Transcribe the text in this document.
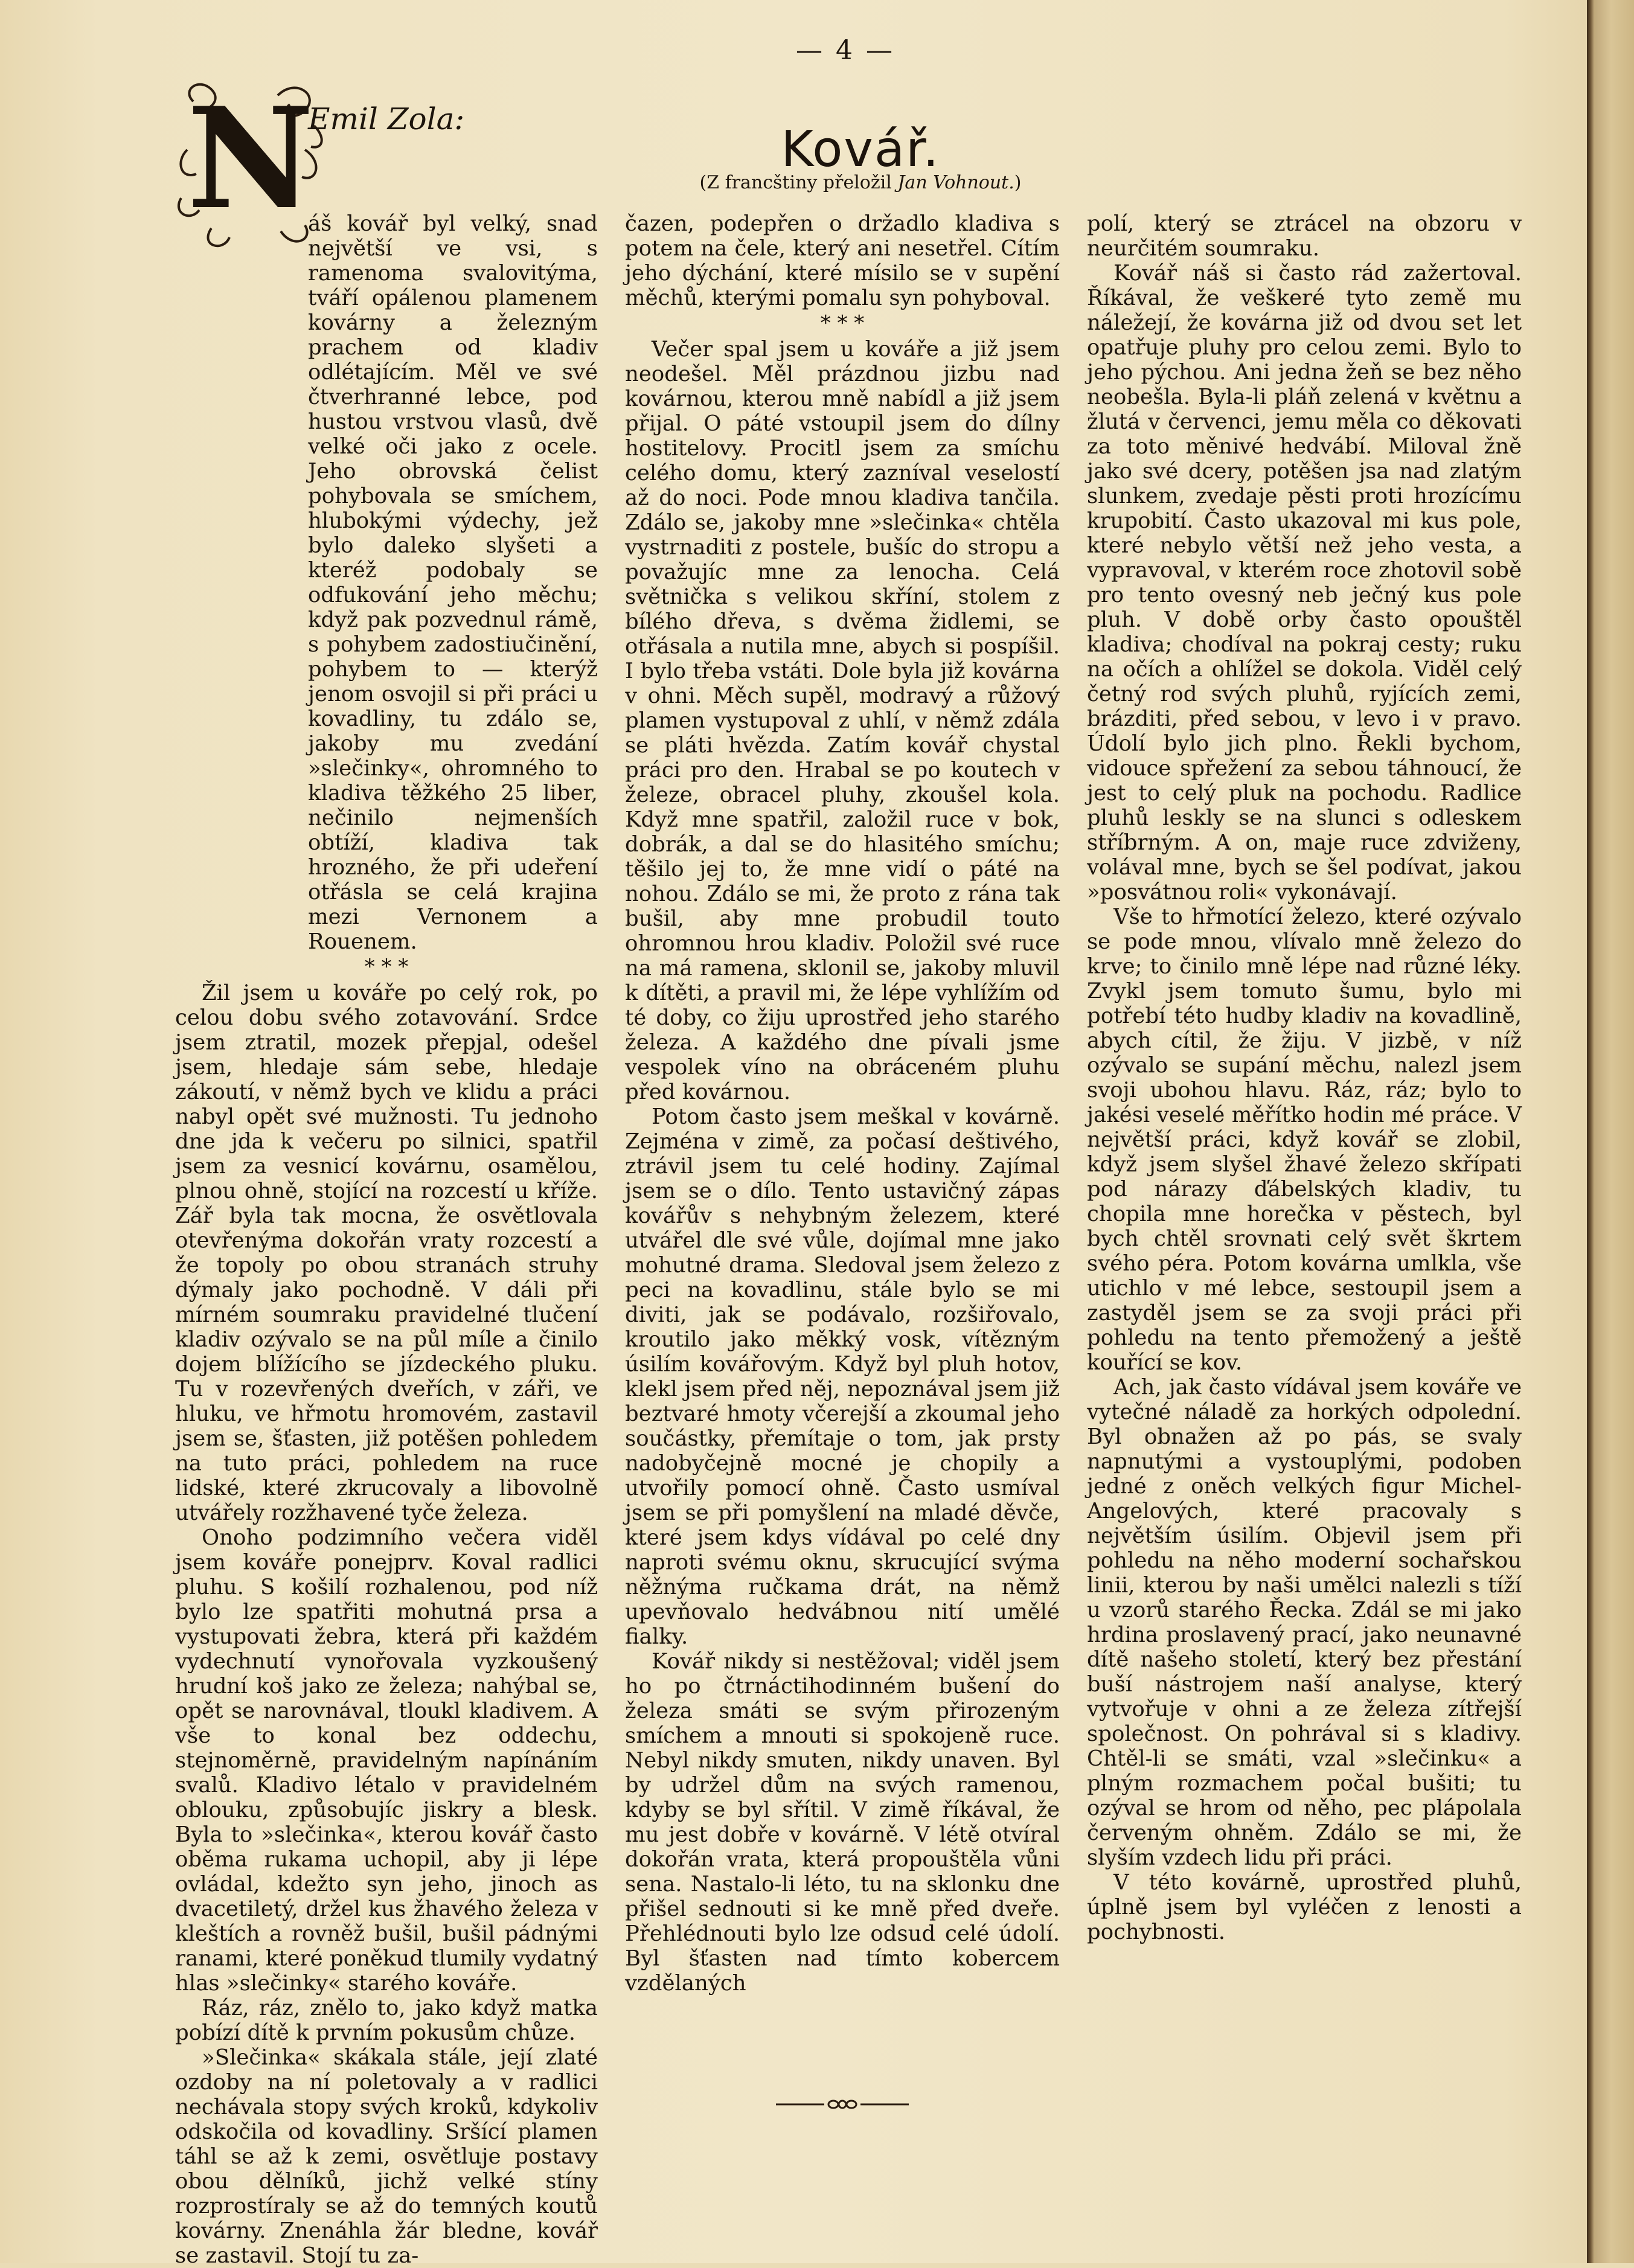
— 4 —
N
Emil Zola:
Kovář.
(Z francštiny přeložil Jan Vohnout.)

áš kovář byl velký, snad největší ve vsi, s ramenoma svalovitýma, tváří opálenou plamenem kovárny a železným prachem od kladiv odlétajícím. Měl ve své čtverhranné lebce, pod hustou vrstvou vlasů, dvě velké oči jako z ocele. Jeho obrovská čelist pohybovala se smíchem, hlubokými výdechy, jež bylo daleko slyšeti a kteréž podobaly se odfukování jeho měchu; když pak pozvednul rámě, s pohybem zadostiučinění, pohybem to — kterýž jenom osvojil si při práci u kovadliny, tu zdálo se, jakoby mu zvedání »slečinky«, ohromného to kladiva těžkého 25 liber, nečinilo nejmenších obtíží, kladiva tak hrozného, že při udeření otřásla se celá krajina mezi Vernonem a Rouenem.

* * *

Žil jsem u kováře po celý rok, po celou dobu svého zotavování. Srdce jsem ztratil, mozek přepjal, odešel jsem, hledaje sám sebe, hledaje zákoutí, v němž bych ve klidu a práci nabyl opět své mužnosti. Tu jednoho dne jda k večeru po silnici, spatřil jsem za vesnicí kovárnu, osamělou, plnou ohně, stojící na rozcestí u kříže. Zář byla tak mocna, že osvětlovala otevřenýma dokořán vraty rozcestí a že topoly po obou stranách struhy dýmaly jako pochodně. V dáli při mírném soumraku pravidelné tlučení kladiv ozývalo se na půl míle a činilo dojem blížícího se jízdeckého pluku. Tu v rozevřených dveřích, v záři, ve hluku, ve hřmotu hromovém, zastavil jsem se, šťasten, již potěšen pohledem na tuto práci, pohledem na ruce lidské, které zkrucovaly a libovolně utvářely rozžhavené tyče železa.

Onoho podzimního večera viděl jsem kováře ponejprv. Koval radlici pluhu. S košilí rozhalenou, pod níž bylo lze spatřiti mohutná prsa a vystupovati žebra, která při každém vydechnutí vynořovala vyzkoušený hrudní koš jako ze železa; nahýbal se, opět se narovnával, tloukl kladivem. A vše to konal bez oddechu, stejnoměrně, pravidelným napínáním svalů. Kladivo létalo v pravidelném oblouku, způsobujíc jiskry a blesk. Byla to »slečinka«, kterou kovář často oběma rukama uchopil, aby ji lépe ovládal, kdežto syn jeho, jinoch as dvacetiletý, držel kus žhavého železa v kleštích a rovněž bušil, bušil pádnými ranami, které poněkud tlumily vydatný hlas »slečinky« starého kováře.

Ráz, ráz, znělo to, jako když matka pobízí dítě k prvním pokusům chůze.

»Slečinka« skákala stále, její zlaté ozdoby na ní poletovaly a v radlici nechávala stopy svých kroků, kdykoliv odskočila od kovadliny. Sršící plamen táhl se až k zemi, osvětluje postavy obou dělníků, jichž velké stíny rozprostíraly se až do temných koutů kovárny. Znenáhla žár bledne, kovář se zastavil. Stojí tu za-

čazen, podepřen o držadlo kladiva s potem na čele, který ani nesetřel. Cítím jeho dýchání, které mísilo se v supění měchů, kterými pomalu syn pohyboval.

* * *

Večer spal jsem u kováře a již jsem neodešel. Měl prázdnou jizbu nad kovárnou, kterou mně nabídl a již jsem přijal. O páté vstoupil jsem do dílny hostitelovy. Procitl jsem za smíchu celého domu, který zazníval veselostí až do noci. Pode mnou kladiva tančila. Zdálo se, jakoby mne »slečinka« chtěla vystrnaditi z postele, bušíc do stropu a považujíc mne za lenocha. Celá světnička s velikou skříní, stolem z bílého dřeva, s dvěma židlemi, se otřásala a nutila mne, abych si pospíšil. I bylo třeba vstáti. Dole byla již kovárna v ohni. Měch supěl, modravý a růžový plamen vystupoval z uhlí, v němž zdála se pláti hvězda. Zatím kovář chystal práci pro den. Hrabal se po koutech v železe, obracel pluhy, zkoušel kola. Když mne spatřil, založil ruce v bok, dobrák, a dal se do hlasitého smíchu; těšilo jej to, že mne vidí o páté na nohou. Zdálo se mi, že proto z rána tak bušil, aby mne probudil touto ohromnou hrou kladiv. Položil své ruce na má ramena, sklonil se, jakoby mluvil k dítěti, a pravil mi, že lépe vyhlížím od té doby, co žiju uprostřed jeho starého železa. A každého dne pívali jsme vespolek víno na obráceném pluhu před kovárnou.

Potom často jsem meškal v kovárně. Zejména v zimě, za počasí deštivého, ztrávil jsem tu celé hodiny. Zajímal jsem se o dílo. Tento ustavičný zápas kovářův s nehybným železem, které utvářel dle své vůle, dojímal mne jako mohutné drama. Sledoval jsem železo z peci na kovadlinu, stále bylo se mi diviti, jak se podávalo, rozšiřovalo, kroutilo jako měkký vosk, vítězným úsilím kovářovým. Když byl pluh hotov, klekl jsem před něj, nepoznával jsem již beztvaré hmoty včerejší a zkoumal jeho součástky, přemítaje o tom, jak prsty nadobyčejně mocné je chopily a utvořily pomocí ohně. Často usmíval jsem se při pomyšlení na mladé děvče, které jsem kdys vídával po celé dny naproti svému oknu, skrucující svýma něžnýma ručkama drát, na němž upevňovalo hedvábnou nití umělé fialky.

Kovář nikdy si nestěžoval; viděl jsem ho po čtrnáctihodinném bušení do železa smáti se svým přirozeným smíchem a mnouti si spokojeně ruce. Nebyl nikdy smuten, nikdy unaven. Byl by udržel dům na svých ramenou, kdyby se byl sřítil. V zimě říkával, že mu jest dobře v kovárně. V létě otvíral dokořán vrata, která propouštěla vůni sena. Nastalo-li léto, tu na sklonku dne přišel sednouti si ke mně před dveře. Přehlédnouti bylo lze odsud celé údolí. Byl šťasten nad tímto kobercem vzdělaných

polí, který se ztrácel na obzoru v neurčitém soumraku.

Kovář náš si často rád zažertoval. Říkával, že veškeré tyto země mu náležejí, že kovárna již od dvou set let opatřuje pluhy pro celou zemi. Bylo to jeho pýchou. Ani jedna žeň se bez něho neobešla. Byla-li pláň zelená v květnu a žlutá v červenci, jemu měla co děkovati za toto měnivé hedvábí. Miloval žně jako své dcery, potěšen jsa nad zlatým slunkem, zvedaje pěsti proti hrozícímu krupobití. Často ukazoval mi kus pole, které nebylo větší než jeho vesta, a vypravoval, v kterém roce zhotovil sobě pro tento ovesný neb ječný kus pole pluh. V době orby často opouštěl kladiva; chodíval na pokraj cesty; ruku na očích a ohlížel se dokola. Viděl celý četný rod svých pluhů, ryjících zemi, brázditi, před sebou, v levo i v pravo. Údolí bylo jich plno. Řekli bychom, vidouce spřežení za sebou táhnoucí, že jest to celý pluk na pochodu. Radlice pluhů leskly se na slunci s odleskem stříbrným. A on, maje ruce zdviženy, volával mne, bych se šel podívat, jakou »posvátnou roli« vykonávají.

Vše to hřmotící železo, které ozývalo se pode mnou, vlívalo mně železo do krve; to činilo mně lépe nad různé léky. Zvykl jsem tomuto šumu, bylo mi potřebí této hudby kladiv na kovadlině, abych cítil, že žiju. V jizbě, v níž ozývalo se supání měchu, nalezl jsem svoji ubohou hlavu. Ráz, ráz; bylo to jakési veselé měřítko hodin mé práce. V největší práci, když kovář se zlobil, když jsem slyšel žhavé železo skřípati pod nárazy ďábelských kladiv, tu chopila mne horečka v pěstech, byl bych chtěl srovnati celý svět škrtem svého péra. Potom kovárna umlkla, vše utichlo v mé lebce, sestoupil jsem a zastyděl jsem se za svoji práci při pohledu na tento přemožený a ještě kouřící se kov.

Ach, jak často vídával jsem kováře ve vytečné náladě za horkých odpolední. Byl obnažen až po pás, se svaly napnutými a vystouplými, podoben jedné z oněch velkých figur Michel-Angelových, které pracovaly s největším úsilím. Objevil jsem při pohledu na něho moderní sochařskou linii, kterou by naši umělci nalezli s tíží u vzorů starého Řecka. Zdál se mi jako hrdina proslavený prací, jako neunavné dítě našeho století, který bez přestání buší nástrojem naší analyse, který vytvořuje v ohni a ze železa zítřejší společnost. On pohrával si s kladivy. Chtěl-li se smáti, vzal »slečinku« a plným rozmachem počal bušiti; tu ozýval se hrom od něho, pec plápolala červeným ohněm. Zdálo se mi, že slyším vzdech lidu při práci.

V této kovárně, uprostřed pluhů, úplně jsem byl vyléčen z lenosti a pochybnosti.
